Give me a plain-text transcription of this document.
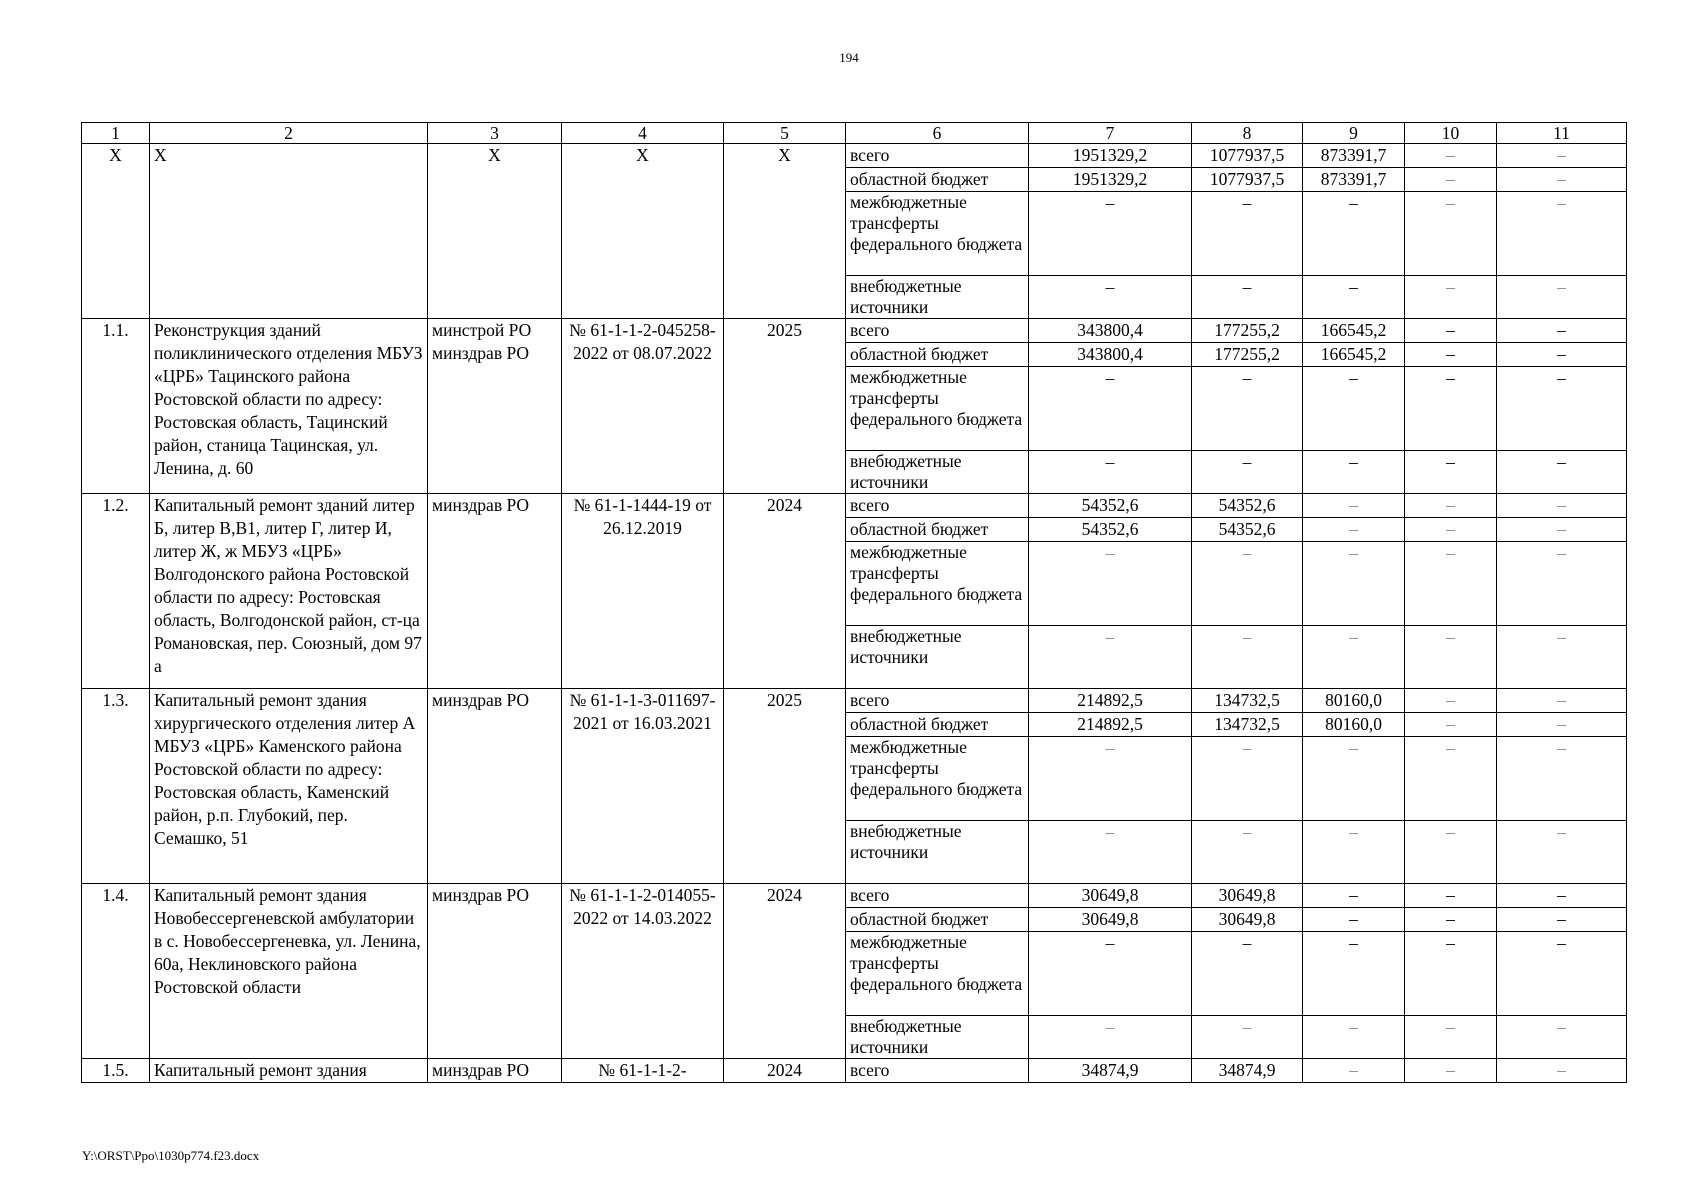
194
1	2	3	4	5	6	7	8	9	10	11
X	X	X	X	X	всего	1951329,2	1077937,5	873391,7	–	–
					областной бюджет	1951329,2	1077937,5	873391,7	–	–
					межбюджетные трансферты федерального бюджета	–	–	–	–	–
					внебюджетные источники	–	–	–	–	–
1.1.	Реконструкция зданий поликлинического отделения МБУЗ «ЦРБ» Тацинского района Ростовской области по адресу: Ростовская область, Тацинский район, станица Тацинская, ул. Ленина, д. 60	минстрой РО минздрав РО	№ 61-1-1-2-045258-2022 от 08.07.2022	2025	всего	343800,4	177255,2	166545,2	–	–
					областной бюджет	343800,4	177255,2	166545,2	–	–
					межбюджетные трансферты федерального бюджета	–	–	–	–	–
					внебюджетные источники	–	–	–	–	–
1.2.	Капитальный ремонт зданий литер Б, литер В,В1, литер Г, литер И, литер Ж, ж МБУЗ «ЦРБ» Волгодонского района Ростовской области по адресу: Ростовская область, Волгодонской район, ст-ца Романовская, пер. Союзный, дом 97 а	минздрав РО	№ 61-1-1444-19 от 26.12.2019	2024	всего	54352,6	54352,6	–	–	–
					областной бюджет	54352,6	54352,6	–	–	–
					межбюджетные трансферты федерального бюджета	–	–	–	–	–
					внебюджетные источники	–	–	–	–	–
1.3.	Капитальный ремонт здания хирургического отделения литер А МБУЗ «ЦРБ» Каменского района Ростовской области по адресу: Ростовская область, Каменский район, р.п. Глубокий, пер. Семашко, 51	минздрав РО	№ 61-1-1-3-011697-2021 от 16.03.2021	2025	всего	214892,5	134732,5	80160,0	–	–
					областной бюджет	214892,5	134732,5	80160,0	–	–
					межбюджетные трансферты федерального бюджета	–	–	–	–	–
					внебюджетные источники	–	–	–	–	–
1.4.	Капитальный ремонт здания Новобессергеневской амбулатории в с. Новобессергеневка, ул. Ленина, 60а, Неклиновского района Ростовской области	минздрав РО	№ 61-1-1-2-014055-2022 от 14.03.2022	2024	всего	30649,8	30649,8	–	–	–
					областной бюджет	30649,8	30649,8	–	–	–
					межбюджетные трансферты федерального бюджета	–	–	–	–	–
					внебюджетные источники	–	–	–	–	–
1.5.	Капитальный ремонт здания	минздрав РО	№ 61-1-1-2-	2024	всего	34874,9	34874,9	–	–	–
Y:\ORST\Ppo\1030p774.f23.docx
